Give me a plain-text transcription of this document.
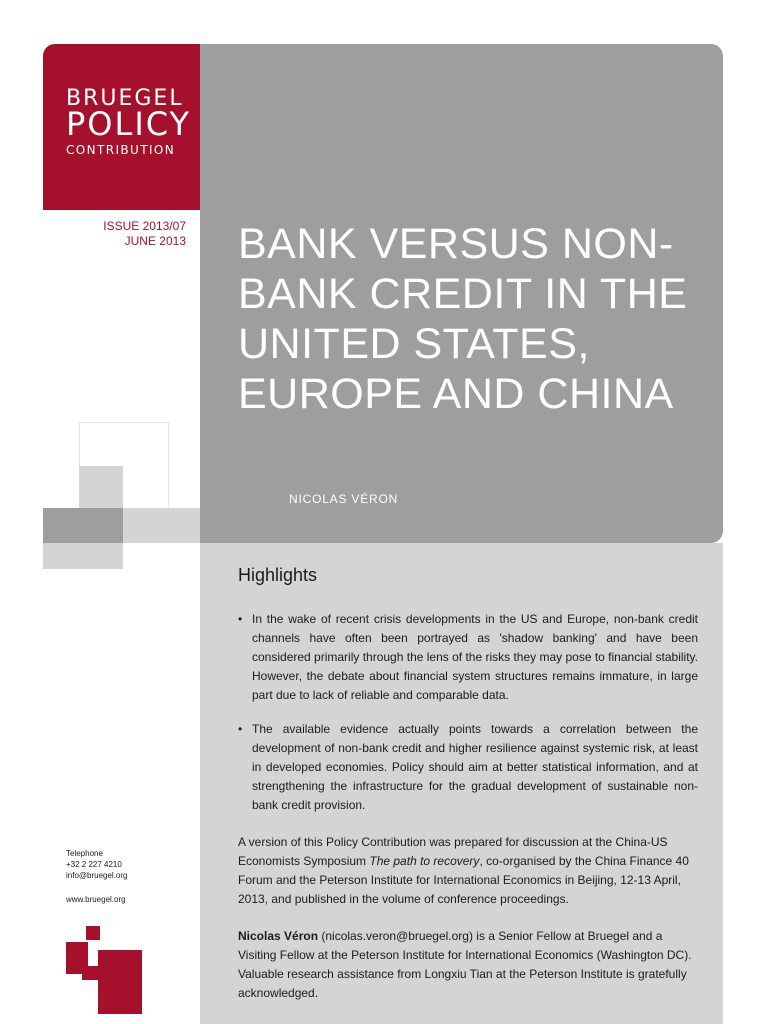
BRUEGEL
POLICY
CONTRIBUTION
ISSUE 2013/07
JUNE 2013 BANK VERSUS NON-
BANK CREDIT IN THE
UNITED STATES,
EUROPE AND CHINA
NICOLAS VÉRON
Highlights
• In the wake of recent crisis developments in the US and Europe, non-bank credit channels have often been portrayed as 'shadow banking' and have been considered primarily through the lens of the risks they may pose to financial stability. However, the debate about financial system structures remains immature, in large part due to lack of reliable and comparable data.
• The available evidence actually points towards a correlation between the development of non-bank credit and higher resilience against systemic risk, at least in developed economies. Policy should aim at better statistical information, and at strengthening the infrastructure for the gradual development of sustainable non-bank credit provision.
A version of this Policy Contribution was prepared for discussion at the China-US Economists Symposium The path to recovery, co-organised by the China Finance 40 Forum and the Peterson Institute for International Economics in Beijing, 12-13 April, 2013, and published in the volume of conference proceedings.
Nicolas Véron (nicolas.veron@bruegel.org) is a Senior Fellow at Bruegel and a Visiting Fellow at the Peterson Institute for International Economics (Washington DC). Valuable research assistance from Longxiu Tian at the Peterson Institute is gratefully acknowledged.
Telephone
+32 2 227 4210
info@bruegel.org
www.bruegel.org
